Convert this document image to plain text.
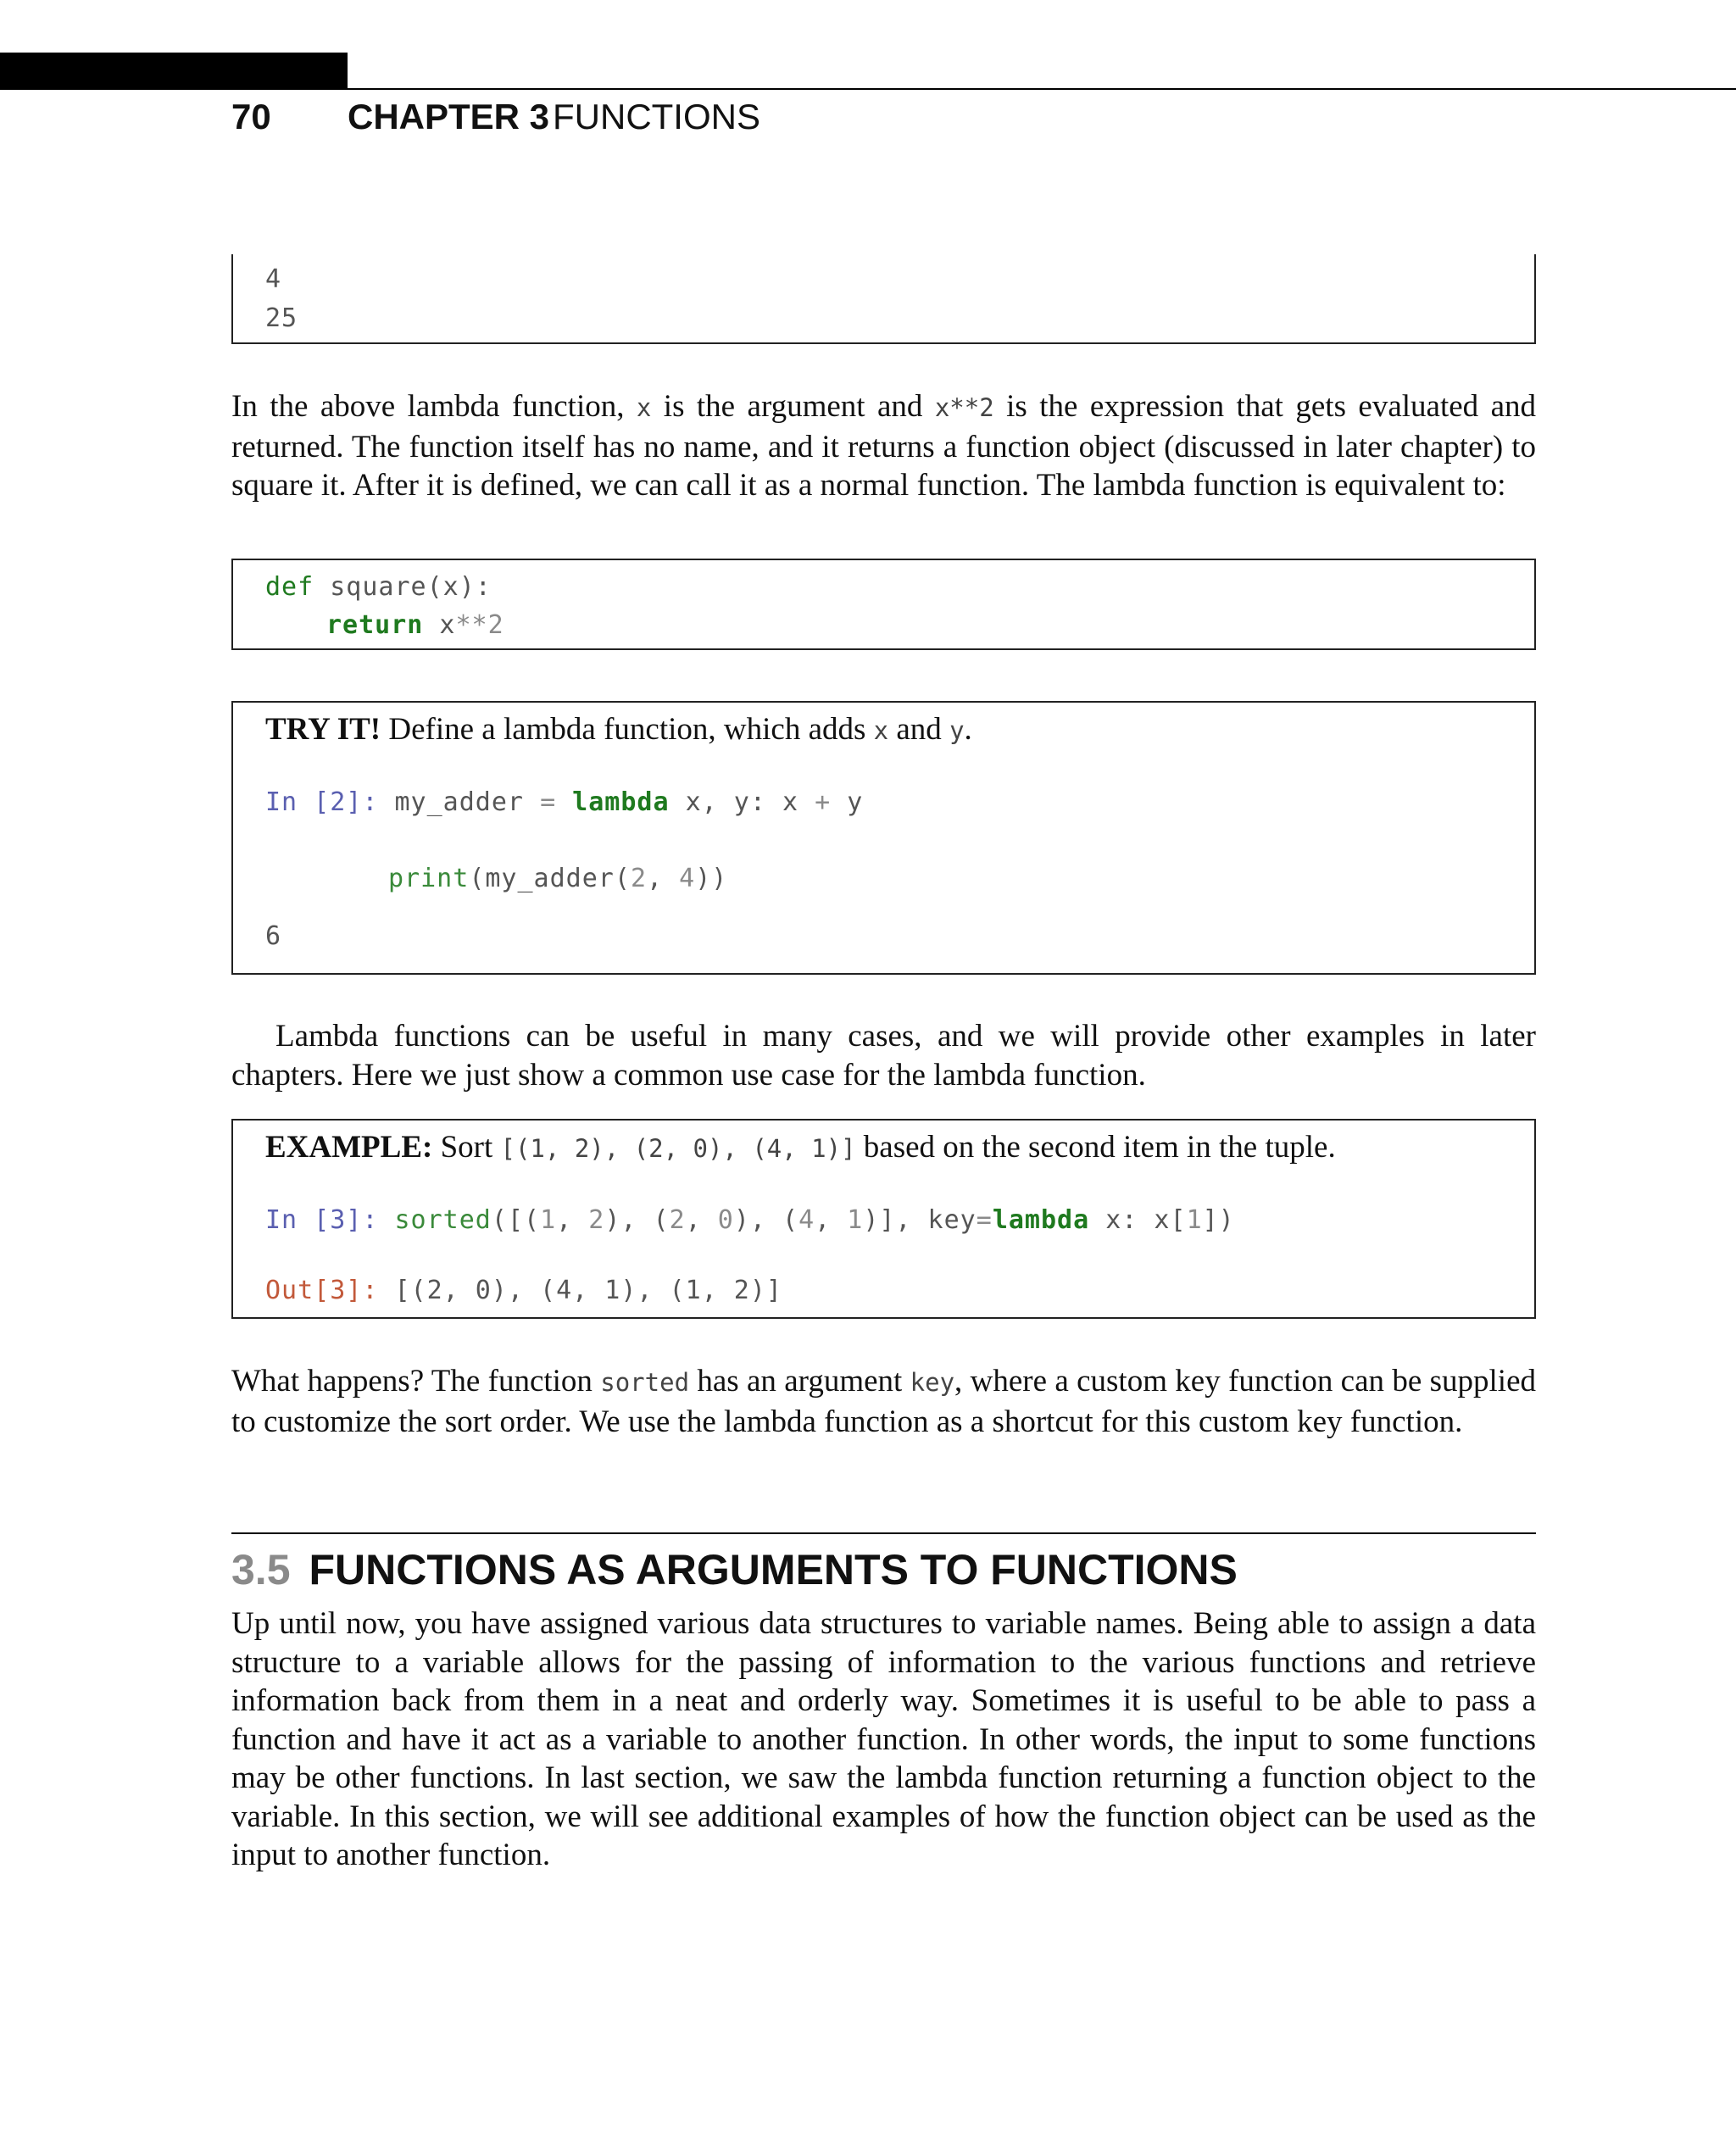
70 CHAPTER 3 FUNCTIONS
4
25

In the above lambda function, x is the argument and x**2 is the expression that gets evaluated and returned. The function itself has no name, and it returns a function object (discussed in later chapter) to square it. After it is defined, we can call it as a normal function. The lambda function is equivalent to:

def square(x):
return x**2
TRY IT! Define a lambda function, which adds x and y.
In [2]: my_adder = lambda x, y: x + y
print(my_adder(2, 4))
6

Lambda functions can be useful in many cases, and we will provide other examples in later chapters. Here we just show a common use case for the lambda function.

EXAMPLE: Sort [(1, 2), (2, 0), (4, 1)] based on the second item in the tuple.
In [3]: sorted([(1, 2), (2, 0), (4, 1)], key=lambda x: x[1])
Out[3]: [(2, 0), (4, 1), (1, 2)]

What happens? The function sorted has an argument key, where a custom key function can be supplied to customize the sort order. We use the lambda function as a shortcut for this custom key function.

3.5 FUNCTIONS AS ARGUMENTS TO FUNCTIONS

Up until now, you have assigned various data structures to variable names. Being able to assign a data structure to a variable allows for the passing of information to the various functions and retrieve information back from them in a neat and orderly way. Sometimes it is useful to be able to pass a function and have it act as a variable to another function. In other words, the input to some functions may be other functions. In last section, we saw the lambda function returning a function object to the variable. In this section, we will see additional examples of how the function object can be used as the input to another function.
